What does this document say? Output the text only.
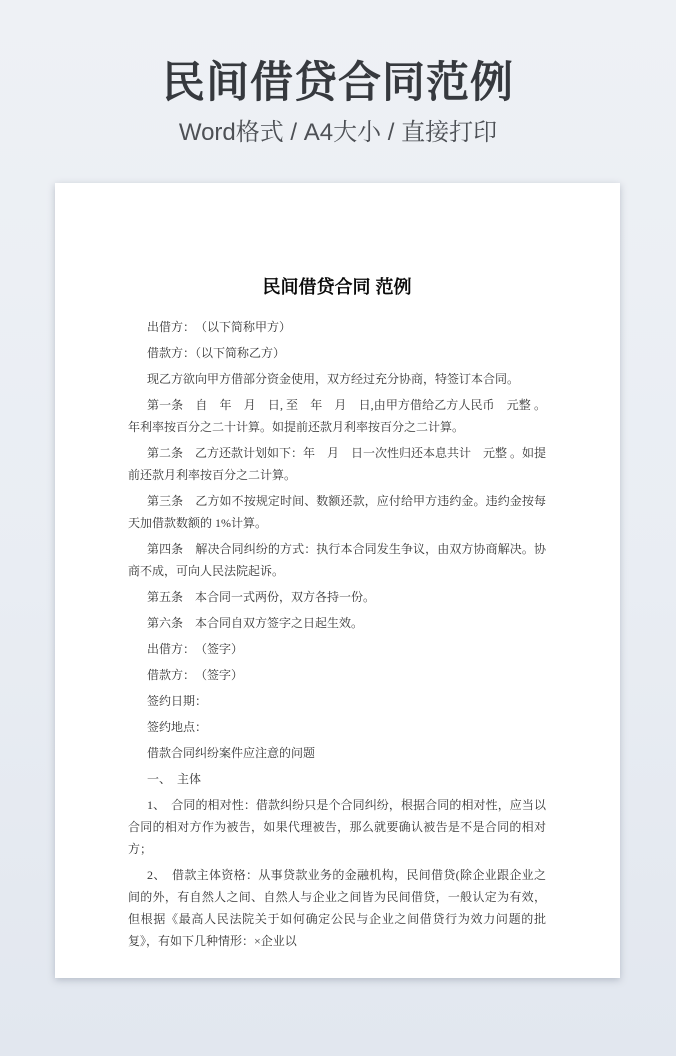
民间借贷合同范例

Word格式 / A4大小 / 直接打印

民间借贷合同 范例

出借方：　（以下简称甲方）

借款方：（以下简称乙方）

现乙方欲向甲方借部分资金使用，双方经过充分协商，特签订本合同。

第一条　自　年　月　日, 至　年　月　日,由甲方借给乙方人民币　元整 。年利率按百分之二十计算。如提前还款月利率按百分之二计算。

第二条　乙方还款计划如下：年　月　日一次性归还本息共计　元整 。如提前还款月利率按百分之二计算。

第三条　乙方如不按规定时间、数额还款，应付给甲方违约金。违约金按每天加借款数额的 1%计算。

第四条　解决合同纠纷的方式：执行本合同发生争议，由双方协商解决。协商不成，可向人民法院起诉。

第五条　本合同一式两份，双方各持一份。

第六条　本合同自双方签字之日起生效。

出借方：　（签字）

借款方：　（签字）

签约日期：

签约地点：

借款合同纠纷案件应注意的问题

一、　主体

1、　合同的相对性：借款纠纷只是个合同纠纷，根据合同的相对性，应当以合同的相对方作为被告，如果代理被告，那么就要确认被告是不是合同的相对方；

2、　借款主体资格：从事贷款业务的金融机构，民间借贷(除企业跟企业之间的外，有自然人之间、自然人与企业之间皆为民间借贷，一般认定为有效，但根据《最高人民法院关于如何确定公民与企业之间借贷行为效力问题的批复》，有如下几种情形：×企业以
